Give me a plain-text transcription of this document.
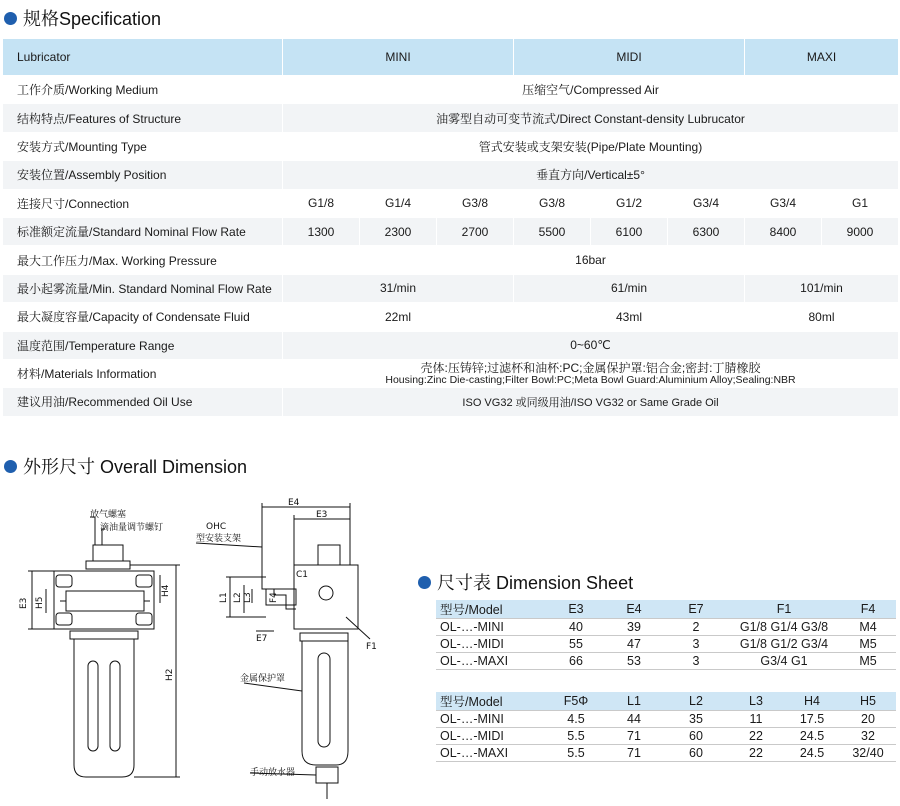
规格Specification
Lubricator	MINI			MIDI			MAXI	
工作介质/Working Medium	压缩空气/Compressed Air							
结构特点/Features of Structure	油雾型自动可变节流式/Direct Constant-density Lubrucator							
安装方式/Mounting Type	管式安装或支架安装(Pipe/Plate Mounting)							
安装位置/Assembly Position	垂直方向/Vertical±5°							
连接尺寸/Connection	G1/8	G1/4	G3/8	G3/8	G1/2	G3/4	G3/4	G1
标准额定流量/Standard Nominal Flow Rate	1300	2300	2700	5500	6100	6300	8400	9000
最大工作压力/Max. Working Pressure	16bar							
最小起雾流量/Min. Standard Nominal Flow Rate	31/min			61/min			101/min	
最大凝度容量/Capacity of Condensate Fluid	22ml			43ml			80ml	
温度范围/Temperature Range	0~60℃							
材料/Materials Information	壳体:压铸锌;过滤杯和油杯:PC;金属保护罩:铝合金;密封:丁腈橡胶
Housing:Zinc Die-casting;Filter Bowl:PC;Meta Bowl Guard:Aluminium Alloy;Sealing:NBR							

建议用油/Recommended Oil Use	ISO VG32 或同级用油/ISO VG32 or Same Grade Oil							
外形尺寸 Overall Dimension
放气螺塞
滴油量调节螺钉	OHC
型安装支架
金属保护罩
手动放水器
E4
E3
E7
C1
F1
E3 H5
H4
H2
L1 L2 L3 F4
尺寸表 Dimension Sheet
型号/Model	E3	E4	E7	F1	F4
OL-…-MINI	40	39	2	G1/8 G1/4 G3/8	M4
OL-…-MIDI	55	47	3	G1/8 G1/2 G3/4	M5
OL-…-MAXI	66	53	3	G3/4 G1	M5
型号/Model	F5Φ	L1	L2	L3	H4	H5
OL-…-MINI	4.5	44	35	11	17.5	20
OL-…-MIDI	5.5	71	60	22	24.5	32
OL-…-MAXI	5.5	71	60	22	24.5	32/40
